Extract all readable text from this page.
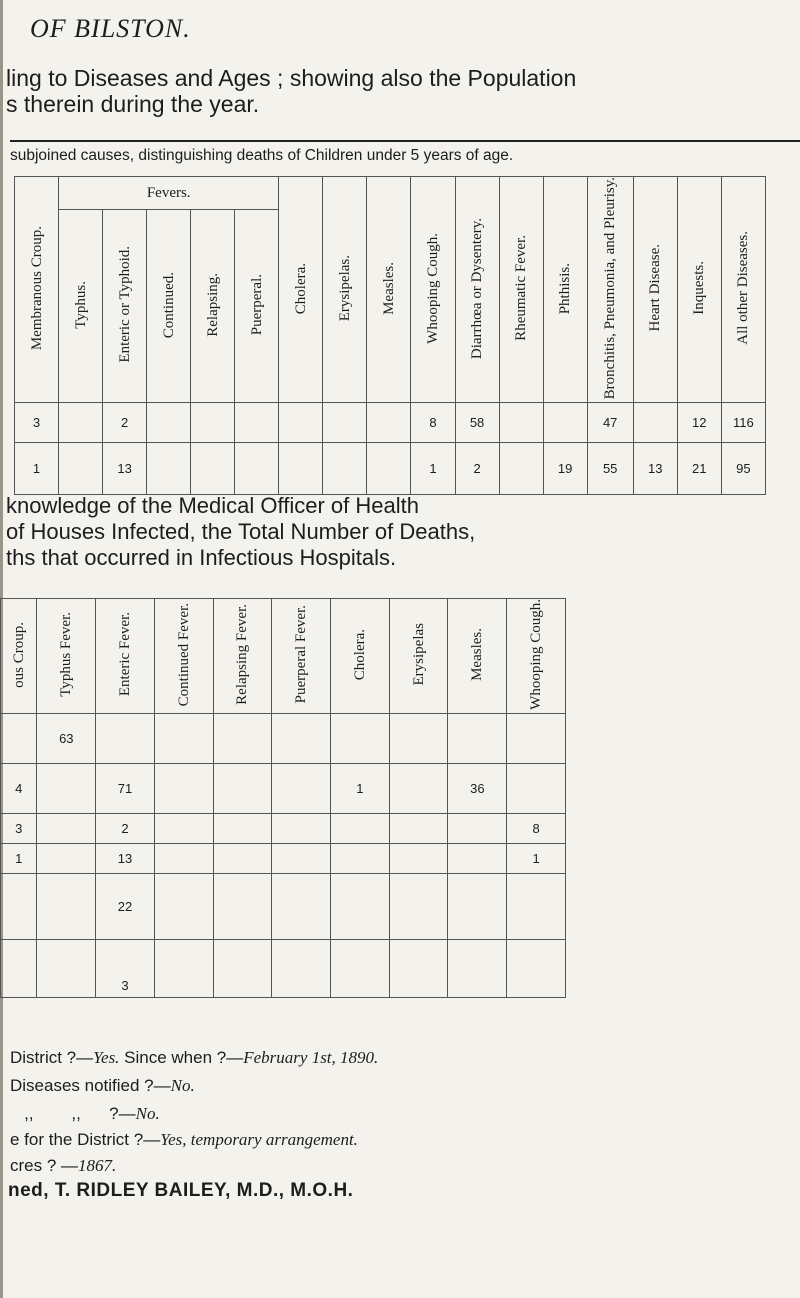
OF BILSTON.
ling to Diseases and Ages ; showing also the Population
s therein during the year.
subjoined causes, distinguishing deaths of Children under 5 years of age.
Membranous Croup.	Fevers.					Cholera.	Erysipelas.	Measles.	Whooping Cough.	Diarrhœa or Dysentery.	Rheumatic Fever.	Phthisis.	Bronchitis, Pneumonia, and Pleurisy.	Heart Disease.	Inquests.	All other Diseases.
	Typhus.	Enteric or Typhoid.	Continued.	Relapsing.	Puerperal.											
3		2							8	58			47		12	116
1		13							1	2		19	55	13	21	95
knowledge of the Medical Officer of Health
of Houses Infected, the Total Number of Deaths,
ths that occurred in Infectious Hospitals.
ous Croup.	Typhus Fever.	Enteric Fever.	Continued Fever.	Relapsing Fever.	Puerperal Fever.	Cholera.	Erysipelas	Measles.	Whooping Cough.
	63								
4		71				1		36	
3		2							8
1		13							1
		22							
		3							
District ?—Yes. Since when ?—February 1st, 1890.
Diseases notified ?—No.
,,        ,,      ?—No.
e for the District ?—Yes, temporary arrangement.
cres ? —1867.
ned, T. RIDLEY BAILEY, M.D., M.O.H.
